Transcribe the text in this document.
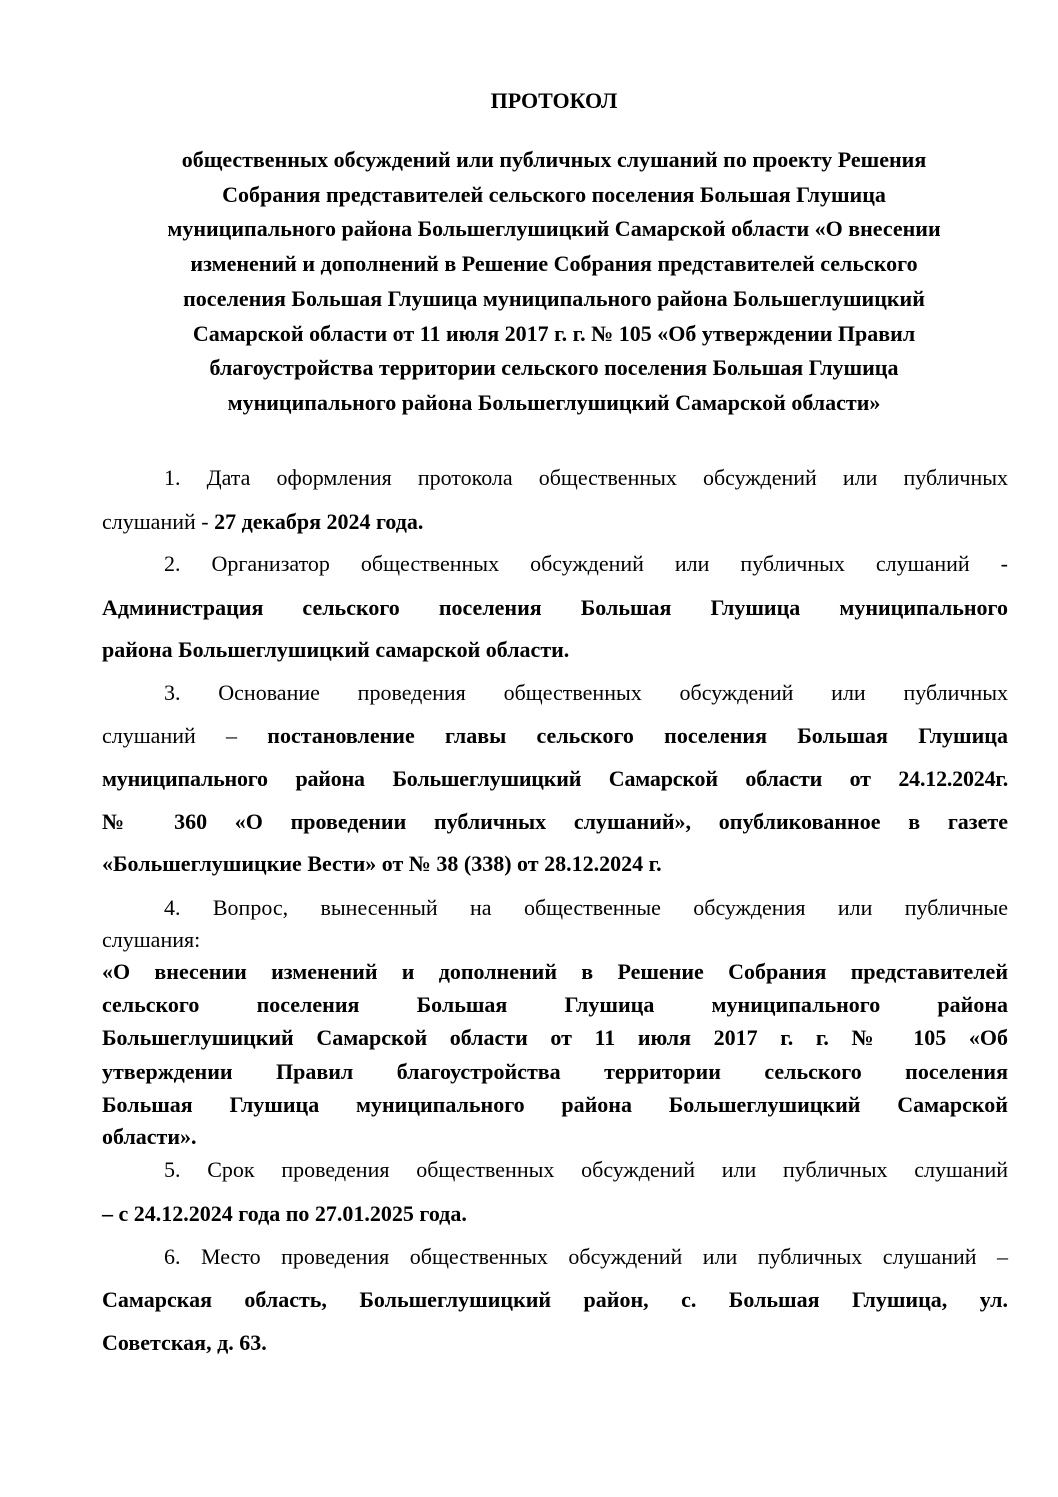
ПРОТОКОЛ
общественных обсуждений или публичных слушаний по проекту Решения
Собрания представителей сельского поселения Большая Глушица
муниципального района Большеглушицкий Самарской области «О внесении
изменений и дополнений в Решение Собрания представителей сельского
поселения Большая Глушица муниципального района Большеглушицкий
Самарской области от 11 июля 2017 г. г. № 105 «Об утверждении Правил
благоустройства территории сельского поселения Большая Глушица
муниципального района Большеглушицкий Самарской области»
1. Дата оформления протокола общественных обсуждений или публичных
слушаний - 27 декабря 2024 года.
2. Организатор общественных обсуждений или публичных слушаний -
Администрация сельского поселения Большая Глушица муниципального
района Большеглушицкий самарской области.
3. Основание проведения общественных обсуждений или публичных
слушаний – постановление главы сельского поселения Большая Глушица
муниципального района Большеглушицкий Самарской области от 24.12.2024г.
№ 360 «О проведении публичных слушаний», опубликованное в газете
«Большеглушицкие Вести» от № 38 (338) от 28.12.2024 г.
4. Вопрос, вынесенный на общественные обсуждения или публичные
слушания:
«О внесении изменений и дополнений в Решение Собрания представителей
сельского поселения Большая Глушица муниципального района
Большеглушицкий Самарской области от 11 июля 2017 г. г. № 105 «Об
утверждении Правил благоустройства территории сельского поселения
Большая Глушица муниципального района Большеглушицкий Самарской
области».
5. Срок проведения общественных обсуждений или публичных слушаний
– с 24.12.2024 года по 27.01.2025 года.
6. Место проведения общественных обсуждений или публичных слушаний –
Самарская область, Большеглушицкий район, с. Большая Глушица, ул.
Советская, д. 63.
